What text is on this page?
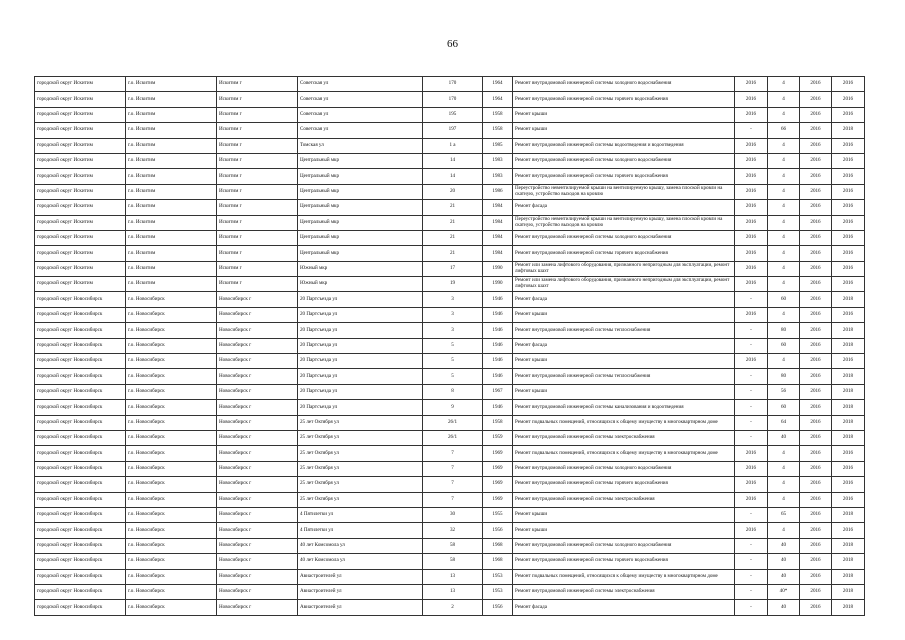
66
городской округ Искитим	г.о. Искитим	Искитим г	Советская ул	170	1964	Ремонт внутридомовой инженерной системы холодного водоснабжения	2016	4	2016	2016
городской округ Искитим	г.о. Искитим	Искитим г	Советская ул	170	1964	Ремонт внутридомовой инженерной системы горячего водоснабжения	2016	4	2016	2016
городской округ Искитим	г.о. Искитим	Искитим г	Советская ул	195	1958	Ремонт крыши	2016	4	2016	2016
городской округ Искитим	г.о. Искитим	Искитим г	Советская ул	197	1958	Ремонт крыши	-	66	2016	2018
городской округ Искитим	г.о. Искитим	Искитим г	Томская ул	1 а	1985	Ремонт внутридомовой инженерной системы водоотведения и водоотведения	2016	4	2016	2016
городской округ Искитим	г.о. Искитим	Искитим г	Центральный мкр	14	1983	Ремонт внутридомовой инженерной системы холодного водоснабжения	2016	4	2016	2016
городской округ Искитим	г.о. Искитим	Искитим г	Центральный мкр	14	1983	Ремонт внутридомовой инженерной системы горячего водоснабжения	2016	4	2016	2016
городской округ Искитим	г.о. Искитим	Искитим г	Центральный мкр	20	1986	Переустройство невентилируемой крыши на вентилируемую крышу, замена плоской кровли на скатную, устройство выходов на кровлю	2016	4	2016	2016
городской округ Искитим	г.о. Искитим	Искитим г	Центральный мкр	21	1984	Ремонт фасада	2016	4	2016	2016
городской округ Искитим	г.о. Искитим	Искитим г	Центральный мкр	21	1984	Переустройство невентилируемой крыши на вентилируемую крышу, замена плоской кровли на скатную, устройство выходов на кровлю	2016	4	2016	2016
городской округ Искитим	г.о. Искитим	Искитим г	Центральный мкр	21	1984	Ремонт внутридомовой инженерной системы холодного водоснабжения	2016	4	2016	2016
городской округ Искитим	г.о. Искитим	Искитим г	Центральный мкр	21	1984	Ремонт внутридомовой инженерной системы горячего водоснабжения	2016	4	2016	2016
городской округ Искитим	г.о. Искитим	Искитим г	Южный мкр	17	1990	Ремонт или замена лифтового оборудования, признанного непригодным для эксплуатации, ремонт лифтовых шахт	2016	4	2016	2016
городской округ Искитим	г.о. Искитим	Искитим г	Южный мкр	19	1990	Ремонт или замена лифтового оборудования, признанного непригодным для эксплуатации, ремонт лифтовых шахт	2016	4	2016	2016
городской округ Новосибирск	г.о. Новосибирск	Новосибирск г	20 Партсъезда ул	3	1946	Ремонт фасада	-	60	2016	2018
городской округ Новосибирск	г.о. Новосибирск	Новосибирск г	20 Партсъезда ул	3	1946	Ремонт крыши	2016	4	2016	2016
городской округ Новосибирск	г.о. Новосибирск	Новосибирск г	20 Партсъезда ул	3	1946	Ремонт внутридомовой инженерной системы теплоснабжения	-	80	2016	2018
городской округ Новосибирск	г.о. Новосибирск	Новосибирск г	20 Партсъезда ул	5	1946	Ремонт фасада	-	60	2016	2018
городской округ Новосибирск	г.о. Новосибирск	Новосибирск г	20 Партсъезда ул	5	1946	Ремонт крыши	2016	4	2016	2016
городской округ Новосибирск	г.о. Новосибирск	Новосибирск г	20 Партсъезда ул	5	1946	Ремонт внутридомовой инженерной системы теплоснабжения	-	80	2016	2018
городской округ Новосибирск	г.о. Новосибирск	Новосибирск г	20 Партсъезда ул	8	1967	Ремонт крыши	-	56	2016	2018
городской округ Новосибирск	г.о. Новосибирск	Новосибирск г	20 Партсъезда ул	9	1946	Ремонт внутридомовой инженерной системы канализования и водоотведения	-	60	2016	2018
городской округ Новосибирск	г.о. Новосибирск	Новосибирск г	25 лет Октября ул	26/1	1958	Ремонт подвальных помещений, относящихся к общему имуществу в многоквартирном доме	-	64	2016	2018
городской округ Новосибирск	г.о. Новосибирск	Новосибирск г	25 лет Октября ул	26/1	1959	Ремонт внутридомовой инженерной системы электроснабжения	-	40	2016	2018
городской округ Новосибирск	г.о. Новосибирск	Новосибирск г	25 лет Октября ул	7	1969	Ремонт подвальных помещений, относящихся к общему имуществу в многоквартирном доме	2016	4	2016	2016
городской округ Новосибирск	г.о. Новосибирск	Новосибирск г	25 лет Октября ул	7	1969	Ремонт внутридомовой инженерной системы холодного водоснабжения	2016	4	2016	2016
городской округ Новосибирск	г.о. Новосибирск	Новосибирск г	25 лет Октября ул	7	1969	Ремонт внутридомовой инженерной системы горячего водоснабжения	2016	4	2016	2016
городской округ Новосибирск	г.о. Новосибирск	Новосибирск г	25 лет Октября ул	7	1969	Ремонт внутридомовой инженерной системы электроснабжения	2016	4	2016	2016
городской округ Новосибирск	г.о. Новосибирск	Новосибирск г	4 Пятилетки ул	30	1955	Ремонт крыши	-	65	2016	2018
городской округ Новосибирск	г.о. Новосибирск	Новосибирск г	4 Пятилетки ул	32	1956	Ремонт крыши	2016	4	2016	2016
городской округ Новосибирск	г.о. Новосибирск	Новосибирск г	40 лет Комсомола ул	58	1968	Ремонт внутридомовой инженерной системы холодного водоснабжения	-	40	2016	2018
городской округ Новосибирск	г.о. Новосибирск	Новосибирск г	40 лет Комсомола ул	58	1968	Ремонт внутридомовой инженерной системы горячего водоснабжения	-	40	2016	2018
городской округ Новосибирск	г.о. Новосибирск	Новосибирск г	Авиастроителей ул	13	1953	Ремонт подвальных помещений, относящихся к общему имуществу в многоквартирном доме	-	40	2016	2018
городской округ Новосибирск	г.о. Новосибирск	Новосибирск г	Авиастроителей ул	13	1953	Ремонт внутридомовой инженерной системы электроснабжения	-	40*	2016	2018
городской округ Новосибирск	г.о. Новосибирск	Новосибирск г	Авиастроителей ул	2	1956	Ремонт фасада	-	40	2016	2018
